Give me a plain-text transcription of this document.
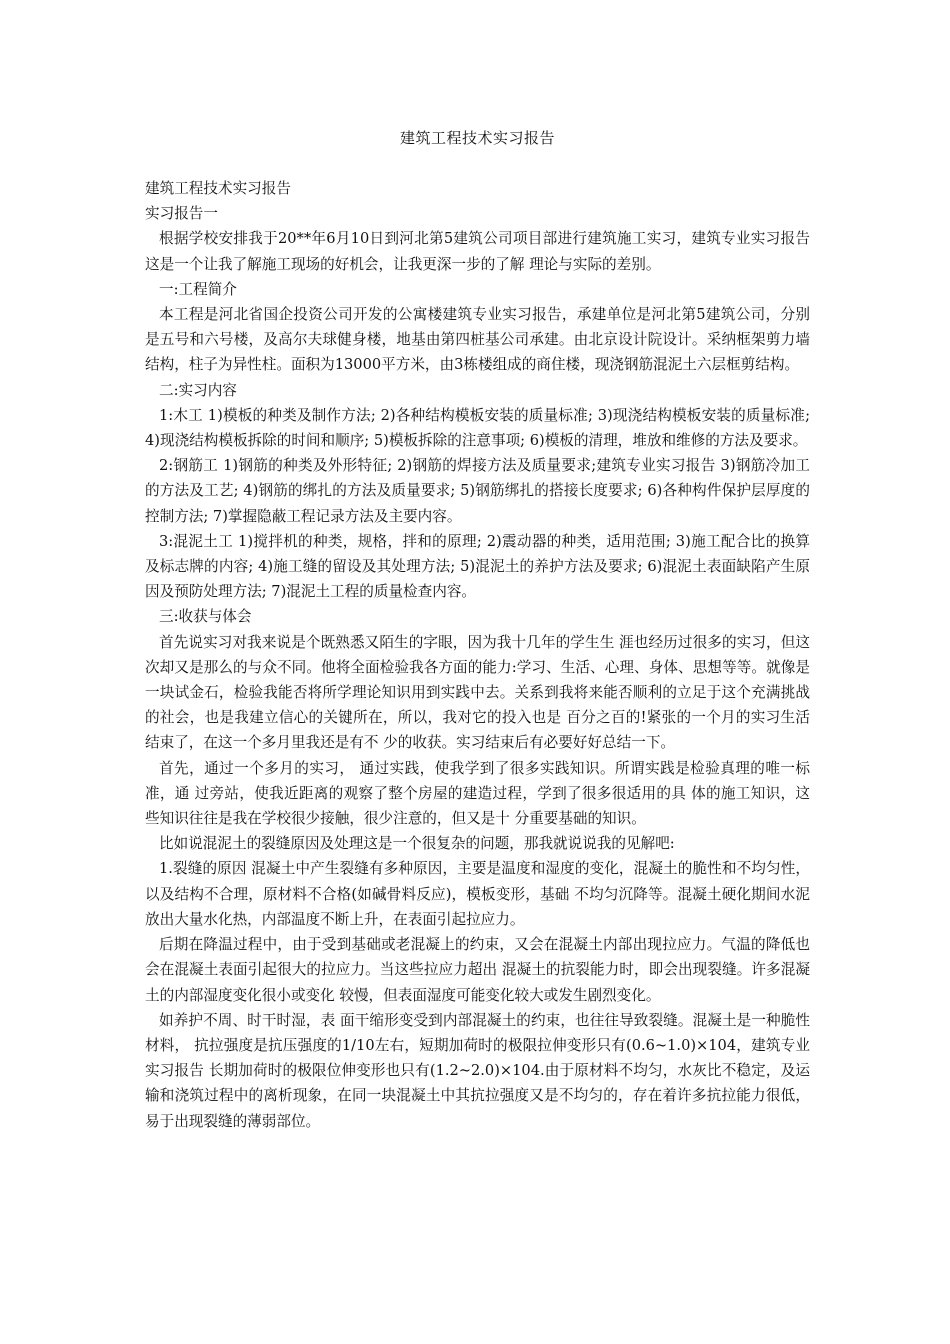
建筑工程技术实习报告

建筑工程技术实习报告

实习报告一

根据学校安排我于20**年6月10日到河北第5建筑公司项目部进行建筑施工实习，建筑专业实习报告这是一个让我了解施工现场的好机会，让我更深一步的了解 理论与实际的差别。

一:工程简介

本工程是河北省国企投资公司开发的公寓楼建筑专业实习报告，承建单位是河北第5建筑公司，分别是五号和六号楼，及高尔夫球健身楼，地基由第四桩基公司承建。由北京设计院设计。采纳框架剪力墙结构，柱子为异性柱。面积为13000平方米，由3栋楼组成的商住楼，现浇钢筋混泥土六层框剪结构。

二:实习内容

1:木工 1)模板的种类及制作方法; 2)各种结构模板安装的质量标准; 3)现浇结构模板安装的质量标准; 4)现浇结构模板拆除的时间和顺序; 5)模板拆除的注意事项; 6)模板的清理，堆放和维修的方法及要求。

2:钢筋工 1)钢筋的种类及外形特征; 2)钢筋的焊接方法及质量要求;建筑专业实习报告 3)钢筋冷加工的方法及工艺; 4)钢筋的绑扎的方法及质量要求; 5)钢筋绑扎的搭接长度要求; 6)各种构件保护层厚度的控制方法; 7)掌握隐蔽工程记录方法及主要内容。

3:混泥土工 1)搅拌机的种类，规格，拌和的原理; 2)震动器的种类，适用范围; 3)施工配合比的换算及标志牌的内容; 4)施工缝的留设及其处理方法; 5)混泥土的养护方法及要求; 6)混泥土表面缺陷产生原因及预防处理方法; 7)混泥土工程的质量检查内容。

三:收获与体会

首先说实习对我来说是个既熟悉又陌生的字眼，因为我十几年的学生生 涯也经历过很多的实习，但这次却又是那么的与众不同。他将全面检验我各方面的能力:学习、生活、心理、身体、思想等等。就像是一块试金石，检验我能否将所学理论知识用到实践中去。关系到我将来能否顺利的立足于这个充满挑战的社会，也是我建立信心的关键所在，所以，我对它的投入也是 百分之百的!紧张的一个月的实习生活结束了，在这一个多月里我还是有不 少的收获。实习结束后有必要好好总结一下。

首先，通过一个多月的实习， 通过实践，使我学到了很多实践知识。所谓实践是检验真理的唯一标准，通 过旁站，使我近距离的观察了整个房屋的建造过程，学到了很多很适用的具 体的施工知识，这些知识往往是我在学校很少接触，很少注意的，但又是十 分重要基础的知识。

比如说混泥土的裂缝原因及处理这是一个很复杂的问题，那我就说说我的见解吧:

1.裂缝的原因 混凝土中产生裂缝有多种原因，主要是温度和湿度的变化，混凝土的脆性和不均匀性，以及结构不合理，原材料不合格(如碱骨料反应)，模板变形，基础 不均匀沉降等。混凝土硬化期间水泥放出大量水化热，内部温度不断上升，在表面引起拉应力。

后期在降温过程中，由于受到基础或老混凝上的约束，又会在混凝土内部出现拉应力。气温的降低也会在混凝土表面引起很大的拉应力。当这些拉应力超出 混凝土的抗裂能力时，即会出现裂缝。许多混凝土的内部湿度变化很小或变化 较慢，但表面湿度可能变化较大或发生剧烈变化。

如养护不周、时干时湿，表 面干缩形变受到内部混凝土的约束，也往往导致裂缝。混凝土是一种脆性材料， 抗拉强度是抗压强度的1/10左右，短期加荷时的极限拉伸变形只有(0.6~1.0)×104，建筑专业实习报告 长期加荷时的极限位伸变形也只有(1.2~2.0)×104.由于原材料不均匀，水灰比不稳定，及运输和浇筑过程中的离析现象，在同一块混凝土中其抗拉强度又是不均匀的，存在着许多抗拉能力很低，易于出现裂缝的薄弱部位。
